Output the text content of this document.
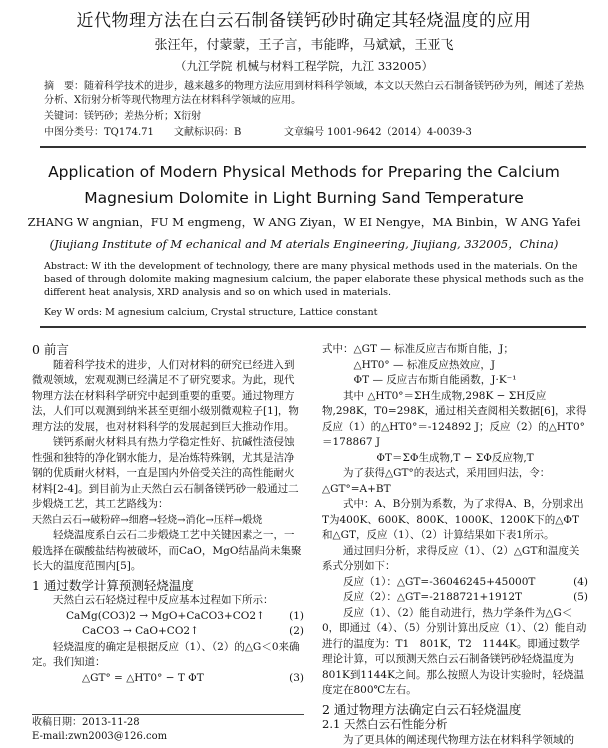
近代物理方法在白云石制备镁钙砂时确定其轻烧温度的应用
张汪年，付蒙蒙，王子言，韦能晔，马斌斌，王亚飞
（九江学院 机械与材料工程学院，九江 332005）
摘　要：随着科学技术的进步，越来越多的物理方法应用到材料科学领域，本文以天然白云石制备镁钙砂为列，阐述了差热分析、X衍射分析等现代物理方法在材料科学领域的应用。
关键词：镁钙砂；差热分析；X衍射
中图分类号：TQ174.71 文献标识码：B	文章编号 1001-9642（2014）4-0039-3
Application of Modern Physical Methods for Preparing the Calcium
Magnesium Dolomite in Light Burning Sand Temperature
ZHANG W angnian，FU M engmeng，W ANG Ziyan，W EI Nengye，MA Binbin，W ANG Yafei
(Jiujiang Institute of M echanical and M aterials Engineering, Jiujiang, 332005，China)
Abstract: W ith the development of technology, there are many physical methods used in the materials. On the based of through dolomite making magnesium calcium, the paper elaborate these physical methods such as the different heat analysis, XRD analysis and so on which used in materials.
Key W ords: M agnesium calcium, Crystal structure, Lattice constant

0 前言

随着科学技术的进步，人们对材料的研究已经进入到微观领域，宏观观测已经满足不了研究要求。为此，现代物理方法在材料科学研究中起到重要的重要。通过物理方法，人们可以观测到纳米甚至更细小级别微观粒子[1]，物理方法的发展，也对材料科学的发展起到巨大推动作用。

镁钙系耐火材料具有热力学稳定性好、抗碱性渣侵蚀性强和独特的净化钢水能力，是冶炼特殊钢，尤其是洁净钢的优质耐火材料，一直是国内外倍受关注的高性能耐火材料[2-4]。到目前为止天然白云石制备镁钙砂一般通过二步煅烧工艺，其工艺路线为：

天然白云石→破粉碎→细磨→轻烧→消化→压样→煅烧

轻烧温度系白云石二步煅烧工艺中关键因素之一，一般选择在碳酸盐结构被破坏，而CaO，MgO结晶尚未集聚长大的温度范围内[5]。

1 通过数学计算预测轻烧温度

天然白云石轻烧过程中反应基本过程如下所示：

CaMg(CO3)2 → MgO+CaCO3+CO2↑ (1)

CaCO3 → CaO+CO2↑	(2)

轻烧温度的确定是根据反应（1）、（2）的△G＜0来确定。我们知道：

△GT° = △HT0° − T ΦT	(3)

收稿日期：2013-11-28

E-mail:zwn2003@126.com

式中：△GT — 标准反应吉布斯自能，J；

△HT0° — 标准反应热效应，J

ΦT — 反应吉布斯自能函数，J·K⁻¹

其中 △HT0°＝ΣH生成物,298K − ΣH反应物,298K，T0=298K，通过相关查阅相关数据[6]，求得反应（1）的△HT0°＝-124892 J；反应（2）的△HT0°＝178867 J

ΦT＝ΣΦ生成物,T − ΣΦ反应物,T

为了获得△GT°的表达式，采用回归法，令：△GT°=A+BT

式中：A、B分别为系数，为了求得A、B，分别求出T为400K、600K、800K、1000K、1200K下的△ΦT和△GT，反应（1）、（2）计算结果如下表1所示。

通过回归分析，求得反应（1）、（2）△GT和温度关系式分别如下：

反应（1）：△GT=-36046245+45000T	(4)

反应（2）：△GT=-2188721+1912T	(5)

反应（1）、（2）能自动进行，热力学条件为△G＜0，即通过（4）、（5）分别计算出反应（1）、（2）能自动进行的温度为：T1　801K，T2　1144K。即通过数学理论计算，可以预测天然白云石制备镁钙砂轻烧温度为801K到1144K之间。那么按照人为设计实验时，轻烧温度定在800℃左右。

2 通过物理方法确定白云石轻烧温度

2.1 天然白云石性能分析

为了更具体的阐述现代物理方法在材料科学领域的
